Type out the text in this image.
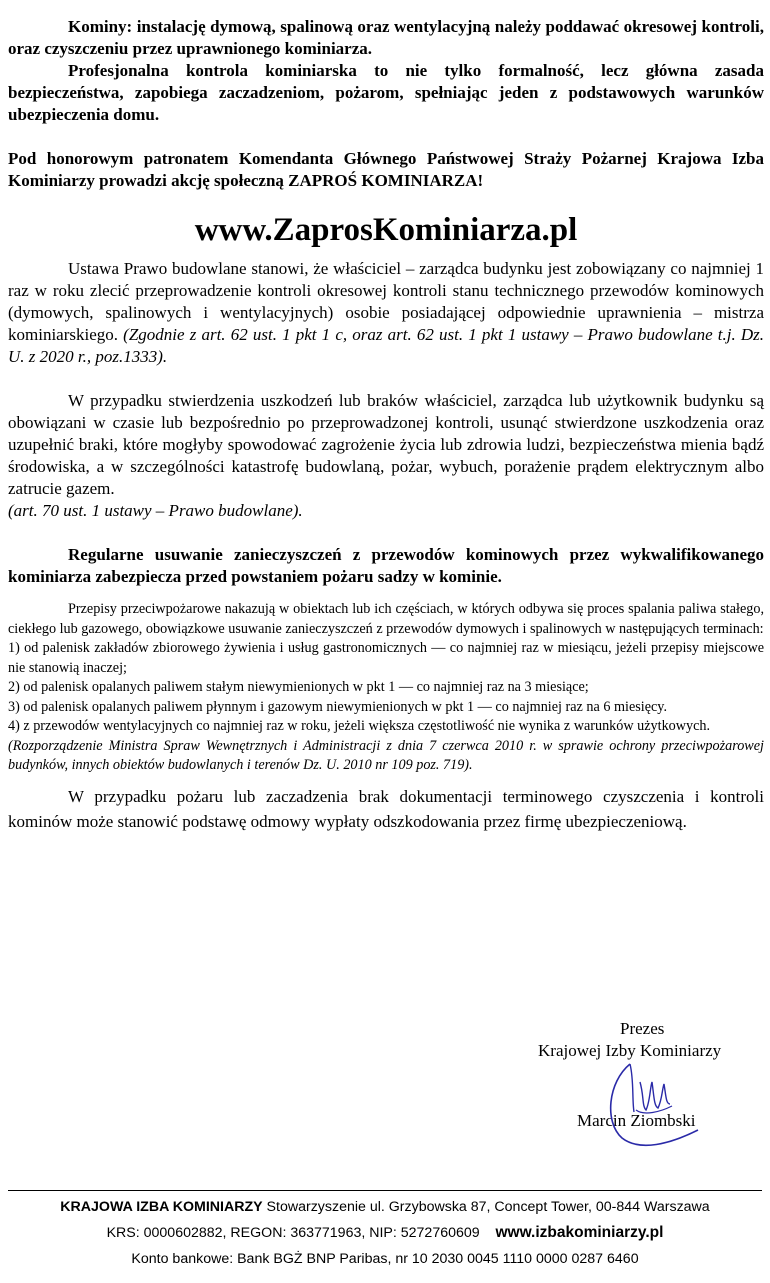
Kominy: instalację dymową, spalinową oraz wentylacyjną należy poddawać okresowej kontroli, oraz czyszczeniu przez uprawnionego kominiarza.

Profesjonalna kontrola kominiarska to nie tylko formalność, lecz główna zasada bezpieczeństwa, zapobiega zaczadzeniom, pożarom, spełniając jeden z podstawowych warunków ubezpieczenia domu.

Pod honorowym patronatem Komendanta Głównego Państwowej Straży Pożarnej Krajowa Izba Kominiarzy prowadzi akcję społeczną ZAPROŚ KOMINIARZA!

www.ZaprosKominiarza.pl

Ustawa Prawo budowlane stanowi, że właściciel – zarządca budynku jest zobowiązany co najmniej 1 raz w roku zlecić przeprowadzenie kontroli okresowej kontroli stanu technicznego przewodów kominowych (dymowych, spalinowych i wentylacyjnych) osobie posiadającej odpowiednie uprawnienia – mistrza kominiarskiego. (Zgodnie z art. 62 ust. 1 pkt 1 c, oraz art. 62 ust. 1 pkt 1 ustawy – Prawo budowlane t.j. Dz. U. z 2020 r., poz.1333).

W przypadku stwierdzenia uszkodzeń lub braków właściciel, zarządca lub użytkownik budynku są obowiązani w czasie lub bezpośrednio po przeprowadzonej kontroli, usunąć stwierdzone uszkodzenia oraz uzupełnić braki, które mogłyby spowodować zagrożenie życia lub zdrowia ludzi, bezpieczeństwa mienia bądź środowiska, a w szczególności katastrofę budowlaną, pożar, wybuch, porażenie prądem elektrycznym albo zatrucie gazem.

(art. 70 ust. 1 ustawy – Prawo budowlane).

Regularne usuwanie zanieczyszczeń z przewodów kominowych przez wykwalifikowanego kominiarza zabezpiecza przed powstaniem pożaru sadzy w kominie.

Przepisy przeciwpożarowe nakazują w obiektach lub ich częściach, w których odbywa się proces spalania paliwa stałego, ciekłego lub gazowego, obowiązkowe usuwanie zanieczyszczeń z przewodów dymowych i spalinowych w następujących terminach:

1) od palenisk zakładów zbiorowego żywienia i usług gastronomicznych — co najmniej raz w miesiącu, jeżeli przepisy miejscowe nie stanowią inaczej;

2) od palenisk opalanych paliwem stałym niewymienionych w pkt 1 — co najmniej raz na 3 miesiące;

3) od palenisk opalanych paliwem płynnym i gazowym niewymienionych w pkt 1 — co najmniej raz na 6 miesięcy.

4) z przewodów wentylacyjnych co najmniej raz w roku, jeżeli większa częstotliwość nie wynika z warunków użytkowych.

(Rozporządzenie Ministra Spraw Wewnętrznych i Administracji z dnia 7 czerwca 2010 r. w sprawie ochrony przeciwpożarowej budynków, innych obiektów budowlanych i terenów Dz. U. 2010 nr 109 poz. 719).

W przypadku pożaru lub zaczadzenia brak dokumentacji terminowego czyszczenia i kontroli kominów może stanowić podstawę odmowy wypłaty odszkodowania przez firmę ubezpieczeniową.

Prezes
Krajowej Izby Kominiarzy
Marcin Ziombski
KRAJOWA IZBA KOMINIARZY Stowarzyszenie ul. Grzybowska 87, Concept Tower, 00-844 Warszawa
KRS: 0000602882, REGON: 363771963, NIP: 5272760609 www.izbakominiarzy.pl
Konto bankowe: Bank BGŻ BNP Paribas, nr 10 2030 0045 1110 0000 0287 6460
